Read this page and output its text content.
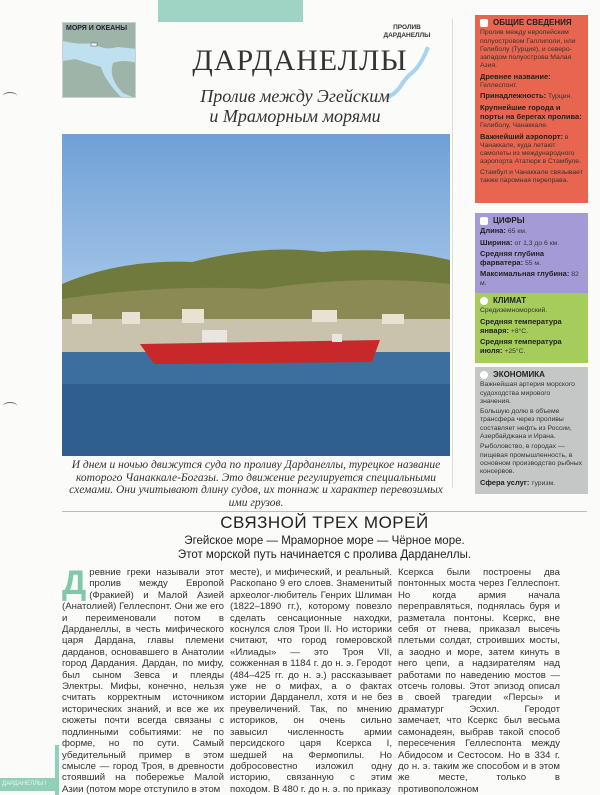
МОРЯ И ОКЕАНЫ	ПРОЛИВ ДАРДАНЕЛЛЫ
ДАРДАНЕЛЛЫ
Пролив между Эгейским
и Мраморным морями
И днем и ночью движутся суда по проливу Дарданеллы, турецкое название которого Чанаккале-Богазы. Это движение регулируется специальными схемами. Они учитывают длину судов, их тоннаж и характер перевозимых ими грузов.
СВЯЗНОЙ ТРЕХ МОРЕЙ
Эгейское море — Мраморное море — Чёрное море.
Этот морской путь начинается с пролива Дарданеллы.
Древние греки называли этот пролив между Европой (Фракией) и Малой Азией (Анатолией) Геллеспонт. Они же его и переименовали потом в Дарданеллы, в честь мифического царя Дардана, главы племени дарданов, основавшего в Анатолии город Дардания. Дардан, по мифу, был сыном Зевса и плеяды Электры. Мифы, конечно, нельзя считать корректным источником исторических знаний, и все же их сюжеты почти всегда связаны с подлинными событиями: не по форме, но по сути. Самый убедительный пример в этом смысле — город Троя, в древности стоявший на побережье Малой Азии (потом море отступило в этом
месте), и мифический, и реальный. Раскопано 9 его слоев. Знаменитый археолог-любитель Генрих Шлиман (1822–1890 гг.), которому повезло сделать сенсационные находки, коснулся слоя Трои II. Но историки считают, что город гомеровской «Илиады» — это Троя VII, сожженная в 1184 г. до н. э. Геродот (484–425 гг. до н. э.) рассказывает уже не о мифах, а о фактах истории Дарданелл, хотя и не без преувеличений. Так, по мнению историков, он очень сильно завысил численность армии персидского царя Ксеркса I, шедшей на Фермопилы. Но добросовестно изложил одну историю, связанную с этим походом. В 480 г. до н. э. по приказу
Ксеркса были построены два понтонных моста через Геллеспонт. Но когда армия начала переправляться, поднялась буря и разметала понтоны. Ксеркс, вне себя от гнева, приказал высечь плетьми солдат, строивших мосты, а заодно и море, затем кинуть в него цепи, а надзирателям над работами по наведению мостов — отсечь головы. Этот эпизод описал в своей трагедии «Персы» и драматург Эсхил. Геродот замечает, что Ксеркс был весьма самонадеян, выбрав такой способ пересечения Геллеспонта между Абидосом и Сестосом. Но в 334 г. до н. э. таким же способом и в этом же месте, только в противоположном
ОБЩИЕ СВЕДЕНИЯ

Пролив между европейским полуостровом Галлиполи, или Гелиболу (Турция), и северо-западом полуострова Малая Азия.

Древнее название: Геллеспонт.

Принадлежность: Турция.

Крупнейшие города и порты на берегах пролива: Гелиболу, Чанаккале.

Важнейший аэропорт: в Чанаккале, куда летают самолеты из международного аэропорта Ататюрк в Стамбуле.

Стамбул и Чанаккале связывает также паромная переправа.

ЦИФРЫ

Длина: 65 км.

Ширина: от 1,3 до 6 км.

Средняя глубина фарватера: 55 м.

Максимальная глубина: 82 м.

КЛИМАТ

Средиземноморский.

Средняя температура января: +8°С.

Средняя температура июля: +25°С.

ЭКОНОМИКА

Важнейшая артерия морского судоходства мирового значения.

Большую долю в объеме трансфера через проливы составляет нефть из России, Азербайджана и Ирана.

Рыболовство, в городах — пищевая промышленность, в основном производство рыбных консервов.

Сфера услуг: туризм.

ДАРДАНЕЛЛЫ I
